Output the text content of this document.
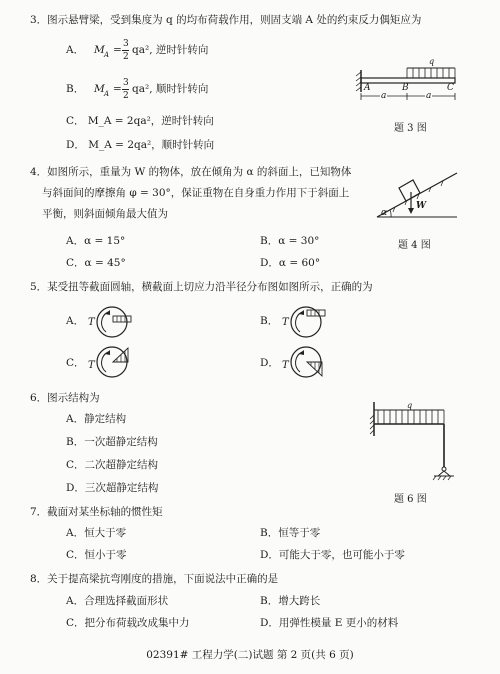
3．图示悬臂梁，受到集度为 q 的均布荷载作用，则固支端 A 处的约束反力偶矩应为
A． M A = 3
2
qa², 逆时针转向
B． M A = 3
2
qa², 顺时针转向
C． M_A = 2qa²，逆时针转向
D． M_A = 2qa²，顺时针转向
q
A	B	C
a	a
题 3 图
4．如图所示，重量为 W 的物体，放在倾角为 α 的斜面上，已知物体
与斜面间的摩擦角 φ = 30°，保证重物在自身重力作用下于斜面上
平衡，则斜面倾角最大值为
A．α = 15°	B．α = 30°
C．α = 45°	D．α = 60°
α
W
题 4 图
5．某受扭等截面圆轴，横截面上切应力沿半径分布图如图所示，正确的为
A． T	B． T
C． T	D． T
6．图示结构为
A．静定结构
B．一次超静定结构
C．二次超静定结构
D．三次超静定结构
q
题 6 图
7．截面对某坐标轴的惯性矩
A．恒大于零	B．恒等于零
C．恒小于零	D．可能大于零，也可能小于零
8．关于提高梁抗弯刚度的措施，下面说法中正确的是
A．合理选择截面形状	B．增大跨长
C．把分布荷载改成集中力	D．用弹性模量 E 更小的材料
02391# 工程力学(二)试题 第 2 页(共 6 页)
